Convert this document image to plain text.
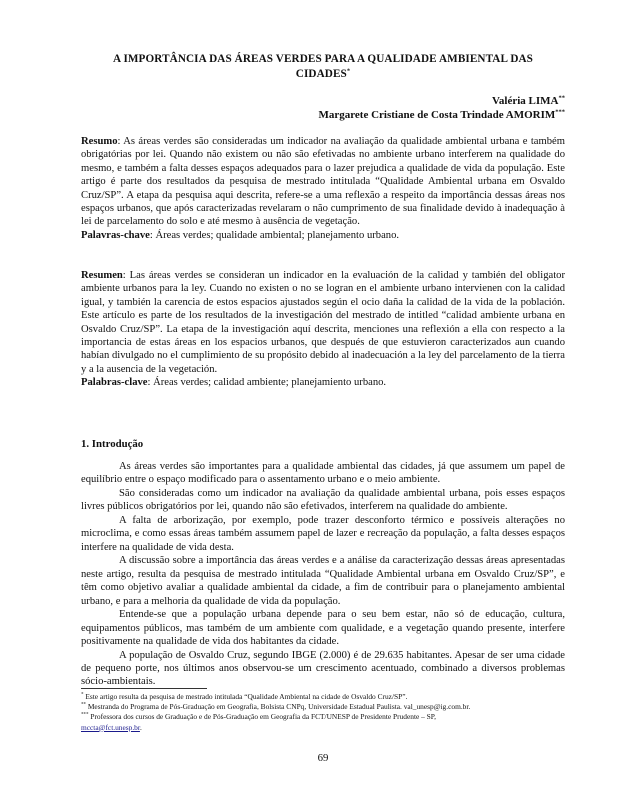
A IMPORTÂNCIA DAS ÁREAS VERDES PARA A QUALIDADE AMBIENTAL DAS
CIDADES*
Valéria LIMA**
Margarete Cristiane de Costa Trindade AMORIM***

Resumo: As áreas verdes são consideradas um indicador na avaliação da qualidade ambiental urbana e também obrigatórias por lei. Quando não existem ou não são efetivadas no ambiente urbano interferem na qualidade do mesmo, e também a falta desses espaços adequados para o lazer prejudica a qualidade de vida da população. Este artigo é parte dos resultados da pesquisa de mestrado intitulada “Qualidade Ambiental urbana em Osvaldo Cruz/SP”. A etapa da pesquisa aqui descrita, refere-se a uma reflexão a respeito da importância dessas áreas nos espaços urbanos, que após caracterizadas revelaram o não cumprimento de sua finalidade devido à inadequação à lei de parcelamento do solo e até mesmo à ausência de vegetação.

Palavras-chave: Áreas verdes; qualidade ambiental; planejamento urbano.

Resumen: Las áreas verdes se consideran un indicador en la evaluación de la calidad y también del obligator ambiente urbanos para la ley. Cuando no existen o no se logran en el ambiente urbano intervienen con la calidad igual, y también la carencia de estos espacios ajustados según el ocio daña la calidad de la vida de la población. Este artículo es parte de los resultados de la investigación del mestrado de intitled “calidad ambiente urbana en Osvaldo Cruz/SP”. La etapa de la investigación aquí descrita, menciones una reflexión a ella con respecto a la importancia de estas áreas en los espacios urbanos, que después de que estuvieron caracterizados aun cuando habían divulgado no el cumplimiento de su propósito debido al inadecuación a la ley del parcelamento de la tierra y a la ausencia de la vegetación.

Palabras-clave: Áreas verdes; calidad ambiente; planejamiento urbano.

1. Introdução

As áreas verdes são importantes para a qualidade ambiental das cidades, já que assumem um papel de equilíbrio entre o espaço modificado para o assentamento urbano e o meio ambiente.

São consideradas como um indicador na avaliação da qualidade ambiental urbana, pois esses espaços livres públicos obrigatórios por lei, quando não são efetivados, interferem na qualidade do ambiente.

A falta de arborização, por exemplo, pode trazer desconforto térmico e possíveis alterações no microclima, e como essas áreas também assumem papel de lazer e recreação da população, a falta desses espaços interfere na qualidade de vida desta.

A discussão sobre a importância das áreas verdes e a análise da caracterização dessas áreas apresentadas neste artigo, resulta da pesquisa de mestrado intitulada “Qualidade Ambiental urbana em Osvaldo Cruz/SP”, e têm como objetivo avaliar a qualidade ambiental da cidade, a fim de contribuir para o planejamento ambiental urbano, e para a melhoria da qualidade de vida da população.

Entende-se que a população urbana depende para o seu bem estar, não só de educação, cultura, equipamentos públicos, mas também de um ambiente com qualidade, e a vegetação quando presente, interfere positivamente na qualidade de vida dos habitantes da cidade.

A população de Osvaldo Cruz, segundo IBGE (2.000) é de 29.635 habitantes. Apesar de ser uma cidade de pequeno porte, nos últimos anos observou-se um crescimento acentuado, combinado a diversos problemas sócio-ambientais.

* Este artigo resulta da pesquisa de mestrado intitulada “Qualidade Ambiental na cidade de Osvaldo Cruz/SP”.
** Mestranda do Programa de Pós-Graduação em Geografia, Bolsista CNPq, Universidade Estadual Paulista. val_unesp@ig.com.br.
*** Professora dos cursos de Graduação e de Pós-Graduação em Geografia da FCT/UNESP de Presidente Prudente – SP,
mccta@fct.unesp.br.
69
